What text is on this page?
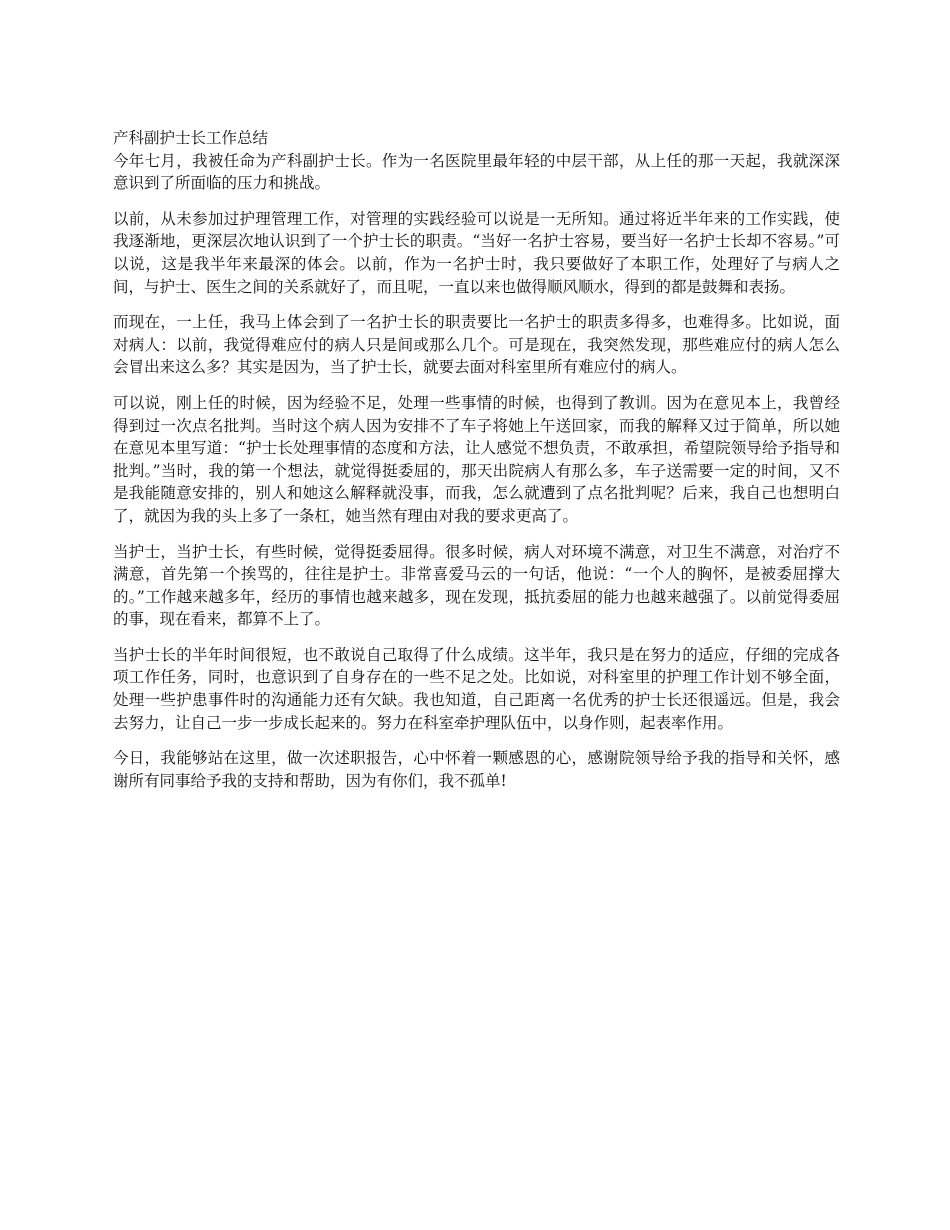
产科副护士长工作总结

今年七月，我被任命为产科副护士长。作为一名医院里最年轻的中层干部，从上任的那一天起，我就深深意识到了所面临的压力和挑战。

以前，从未参加过护理管理工作，对管理的实践经验可以说是一无所知。通过将近半年来的工作实践，使我逐渐地，更深层次地认识到了一个护士长的职责。“当好一名护士容易，要当好一名护士长却不容易。”可以说，这是我半年来最深的体会。以前，作为一名护士时，我只要做好了本职工作，处理好了与病人之间，与护士、医生之间的关系就好了，而且呢，一直以来也做得顺风顺水，得到的都是鼓舞和表扬。

而现在，一上任，我马上体会到了一名护士长的职责要比一名护士的职责多得多，也难得多。比如说，面对病人：以前，我觉得难应付的病人只是间或那么几个。可是现在，我突然发现，那些难应付的病人怎么会冒出来这么多？其实是因为，当了护士长，就要去面对科室里所有难应付的病人。

可以说，刚上任的时候，因为经验不足，处理一些事情的时候，也得到了教训。因为在意见本上，我曾经得到过一次点名批判。当时这个病人因为安排不了车子将她上午送回家，而我的解释又过于简单，所以她在意见本里写道：“护士长处理事情的态度和方法，让人感觉不想负责，不敢承担，希望院领导给予指导和批判。”当时，我的第一个想法，就觉得挺委屈的，那天出院病人有那么多，车子送需要一定的时间，又不是我能随意安排的，别人和她这么解释就没事，而我，怎么就遭到了点名批判呢？后来，我自己也想明白了，就因为我的头上多了一条杠，她当然有理由对我的要求更高了。

当护士，当护士长，有些时候，觉得挺委屈得。很多时候，病人对环境不满意，对卫生不满意，对治疗不满意，首先第一个挨骂的，往往是护士。非常喜爱马云的一句话，他说：“一个人的胸怀，是被委屈撑大的。”工作越来越多年，经历的事情也越来越多，现在发现，抵抗委屈的能力也越来越强了。以前觉得委屈的事，现在看来，都算不上了。

当护士长的半年时间很短，也不敢说自己取得了什么成绩。这半年，我只是在努力的适应，仔细的完成各项工作任务，同时，也意识到了自身存在的一些不足之处。比如说，对科室里的护理工作计划不够全面，处理一些护患事件时的沟通能力还有欠缺。我也知道，自己距离一名优秀的护士长还很遥远。但是，我会去努力，让自己一步一步成长起来的。努力在科室牵护理队伍中，以身作则，起表率作用。

今日，我能够站在这里，做一次述职报告，心中怀着一颗感恩的心，感谢院领导给予我的指导和关怀，感谢所有同事给予我的支持和帮助，因为有你们，我不孤单!
